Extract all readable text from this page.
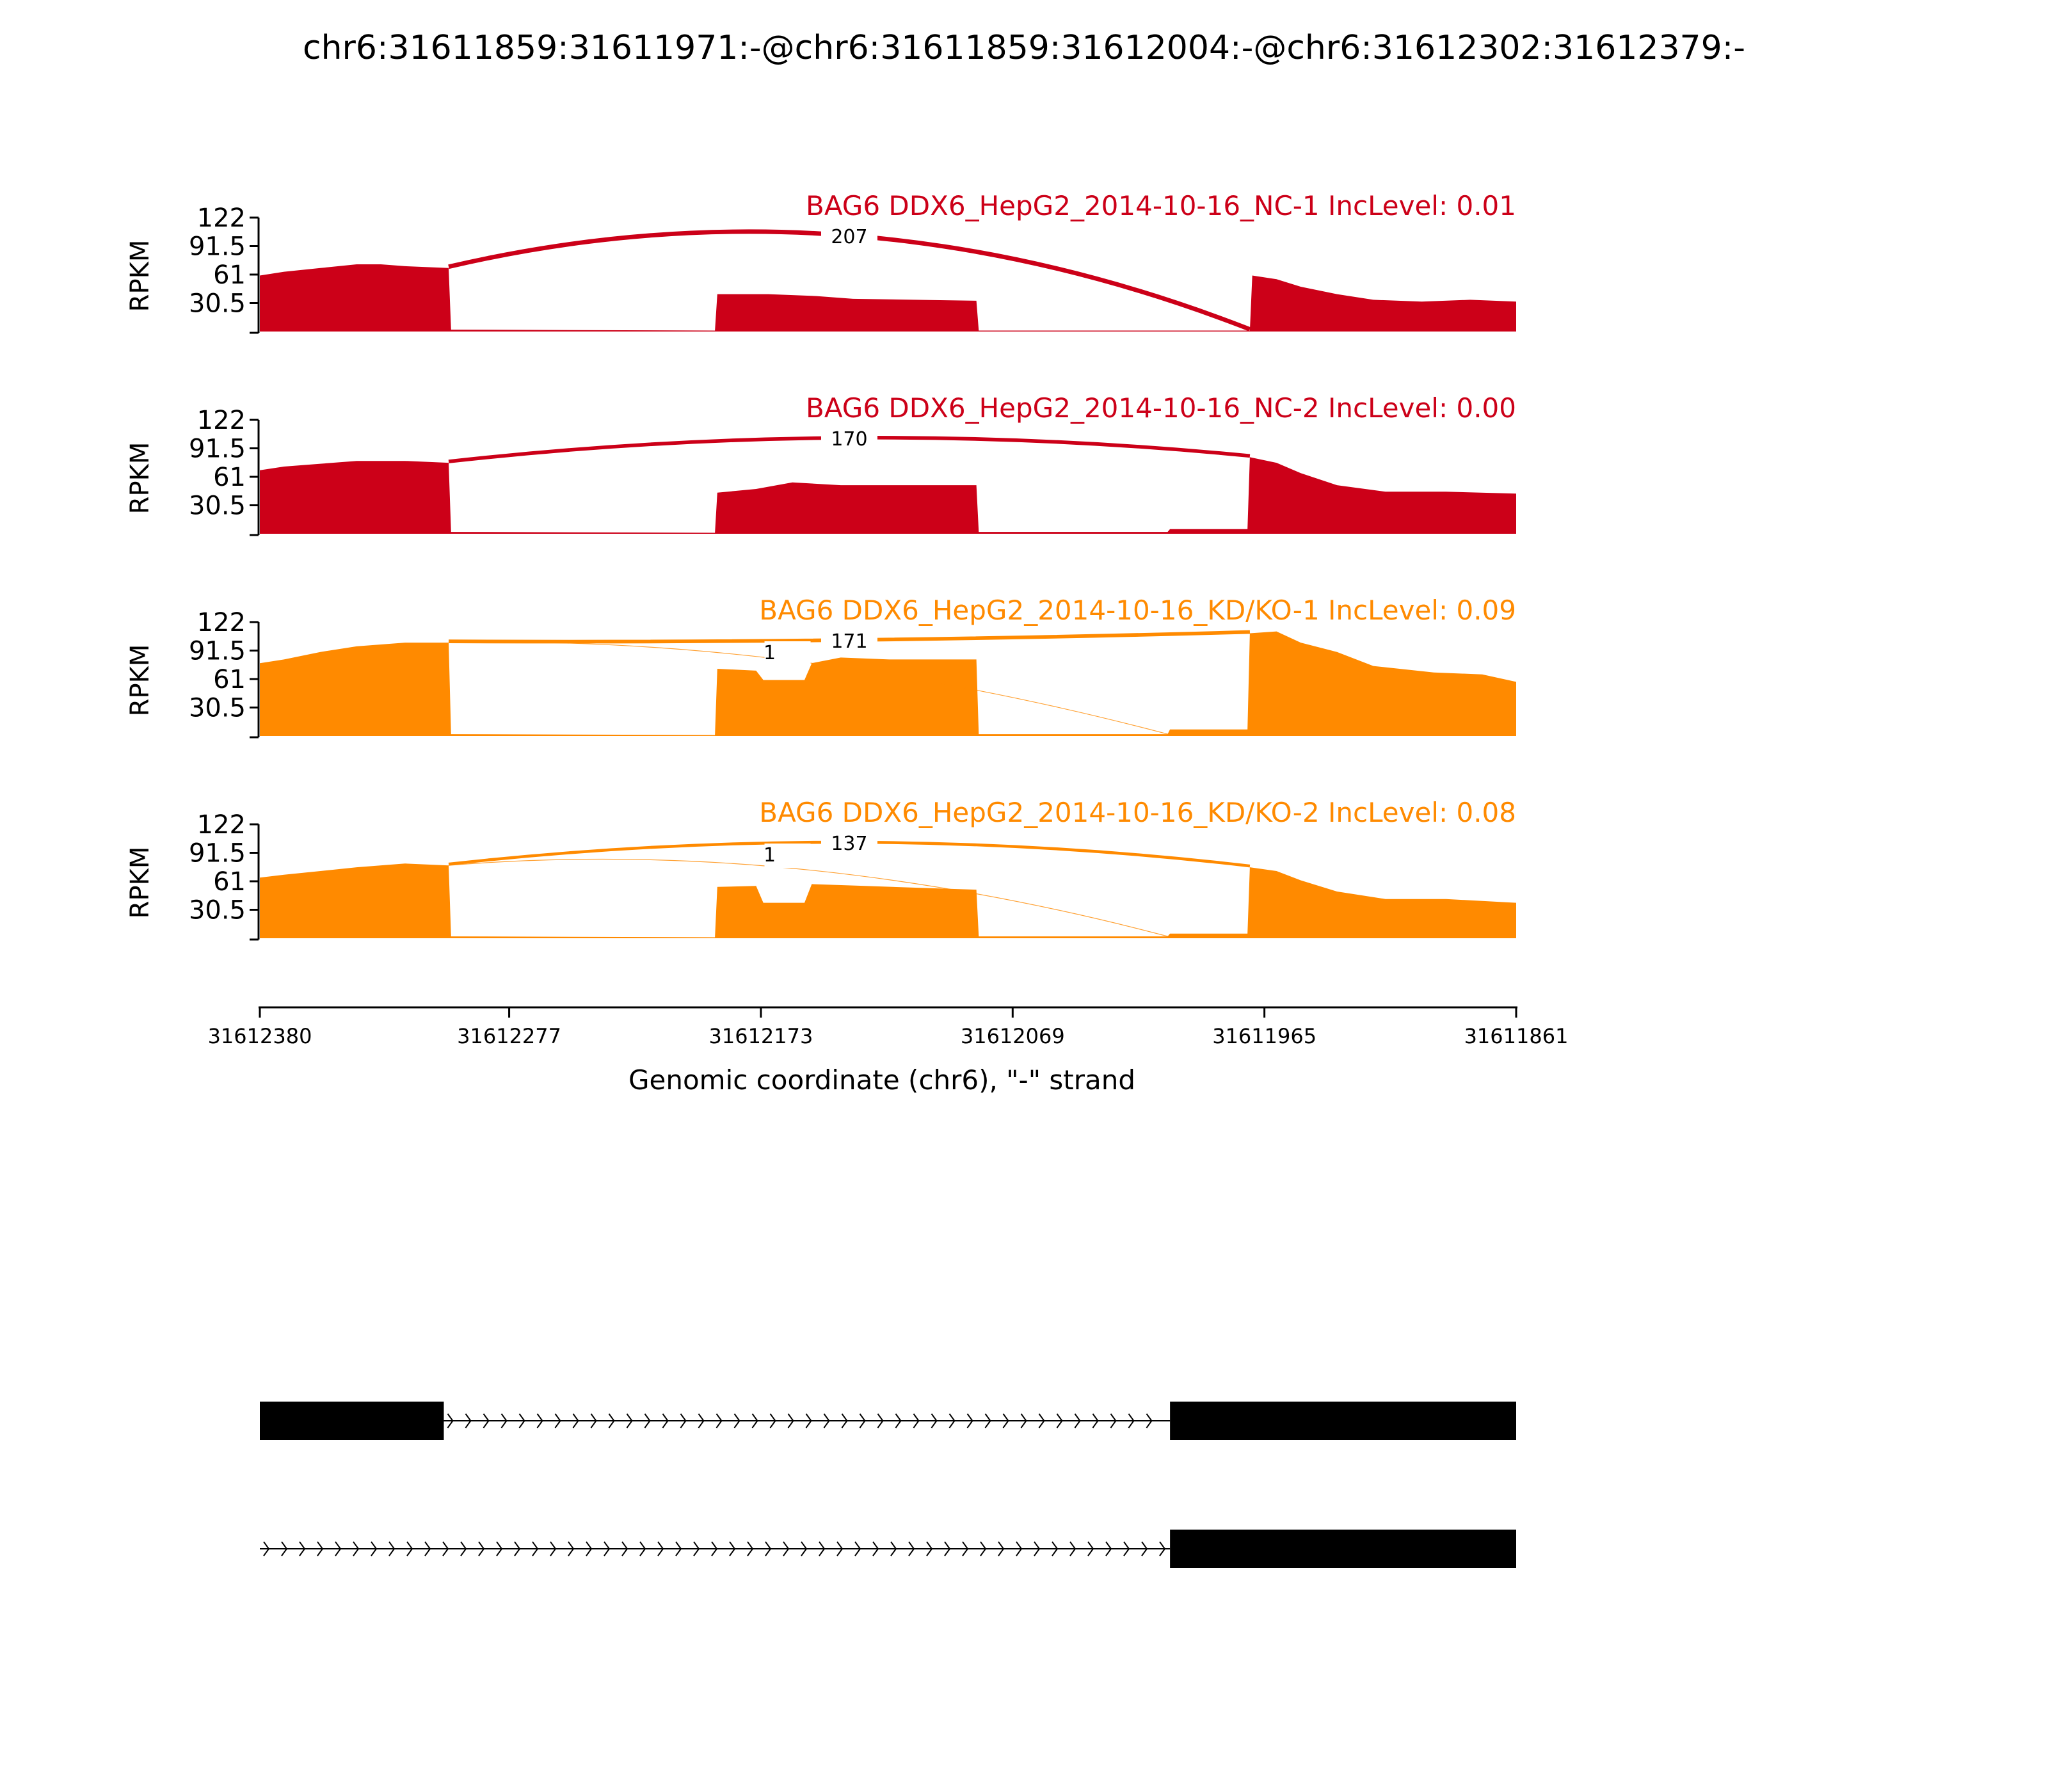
chr6:31611859:31611971:-@chr6:31611859:31612004:-@chr6:31612302:31612379:-
30.5
61
91.5
122
RPKM
BAG6 DDX6_HepG2_2014-10-16_NC-1 IncLevel: 0.01
207
30.5
61
91.5
122
RPKM
BAG6 DDX6_HepG2_2014-10-16_NC-2 IncLevel: 0.00
170
30.5
61
91.5
122
RPKM
BAG6 DDX6_HepG2_2014-10-16_KD/KO-1 IncLevel: 0.09
171
1
30.5
61
91.5
122
RPKM
BAG6 DDX6_HepG2_2014-10-16_KD/KO-2 IncLevel: 0.08
137
1
31612380	31612277	31612173	31612069	31611965	31611861
Genomic coordinate (chr6), "-" strand
